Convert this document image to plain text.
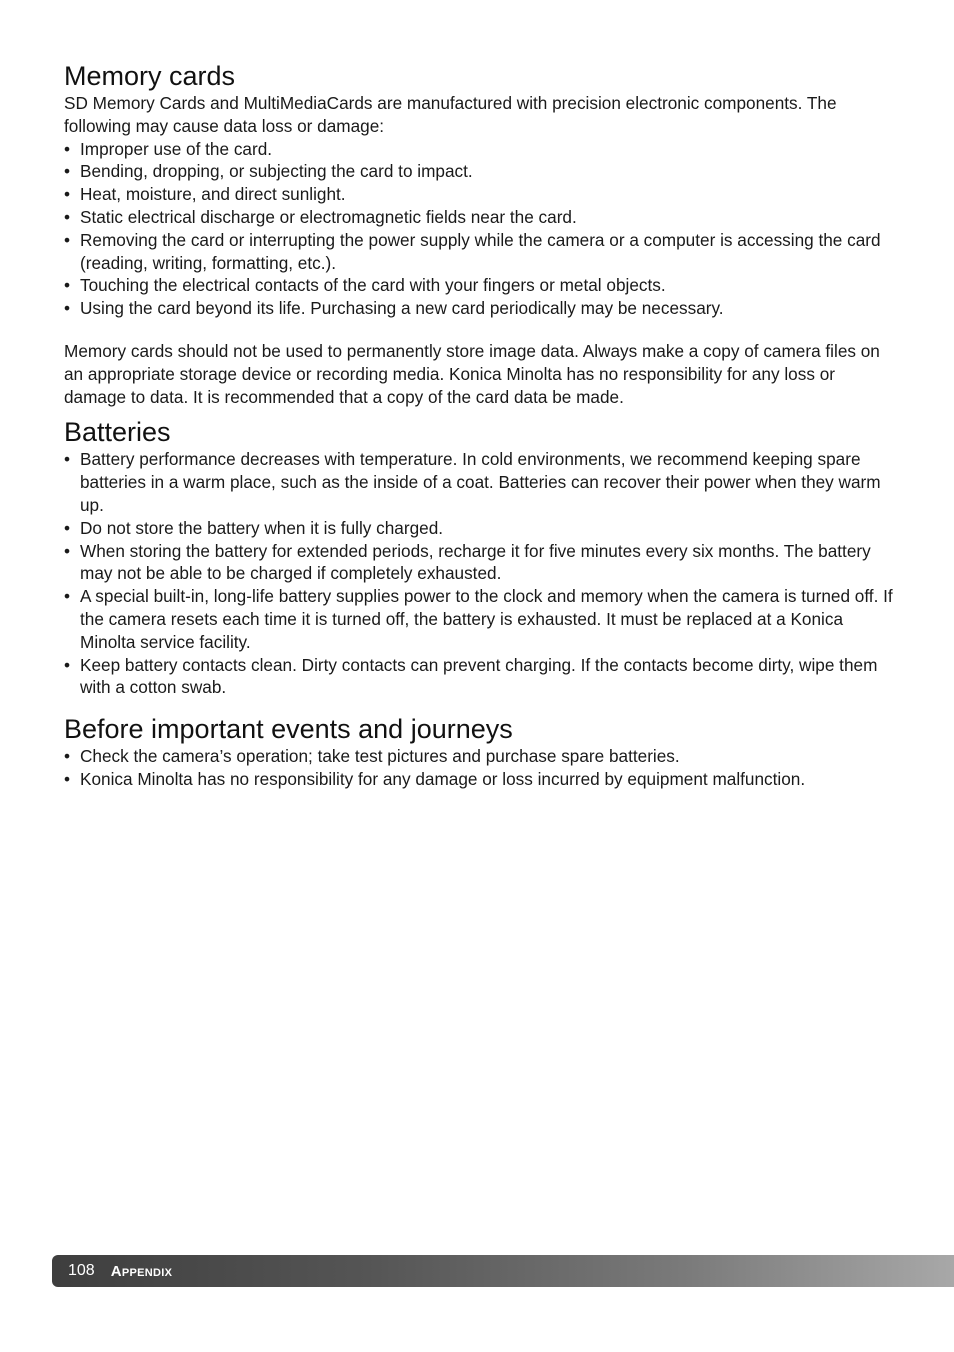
Memory cards

SD Memory Cards and MultiMediaCards are manufactured with precision electronic components. The following may cause data loss or damage:

• Improper use of the card.
• Bending, dropping, or subjecting the card to impact.
• Heat, moisture, and direct sunlight.
• Static electrical discharge or electromagnetic fields near the card.
• Removing the card or interrupting the power supply while the camera or a computer is accessing the card (reading, writing, formatting, etc.).
• Touching the electrical contacts of the card with your fingers or metal objects.
• Using the card beyond its life. Purchasing a new card periodically may be necessary.

Memory cards should not be used to permanently store image data. Always make a copy of camera files on an appropriate storage device or recording media. Konica Minolta has no responsibility for any loss or damage to data. It is recommended that a copy of the card data be made.

Batteries
• Battery performance decreases with temperature. In cold environments, we recommend keeping spare batteries in a warm place, such as the inside of a coat. Batteries can recover their power when they warm up.
• Do not store the battery when it is fully charged.
• When storing the battery for extended periods, recharge it for five minutes every six months. The battery may not be able to be charged if completely exhausted.
• A special built-in, long-life battery supplies power to the clock and memory when the camera is turned off. If the camera resets each time it is turned off, the battery is exhausted. It must be replaced at a Konica Minolta service facility.
• Keep battery contacts clean. Dirty contacts can prevent charging. If the contacts become dirty, wipe them with a cotton swab.
Before important events and journeys
• Check the camera’s operation; take test pictures and purchase spare batteries.
• Konica Minolta has no responsibility for any damage or loss incurred by equipment malfunction.
108 Appendix
